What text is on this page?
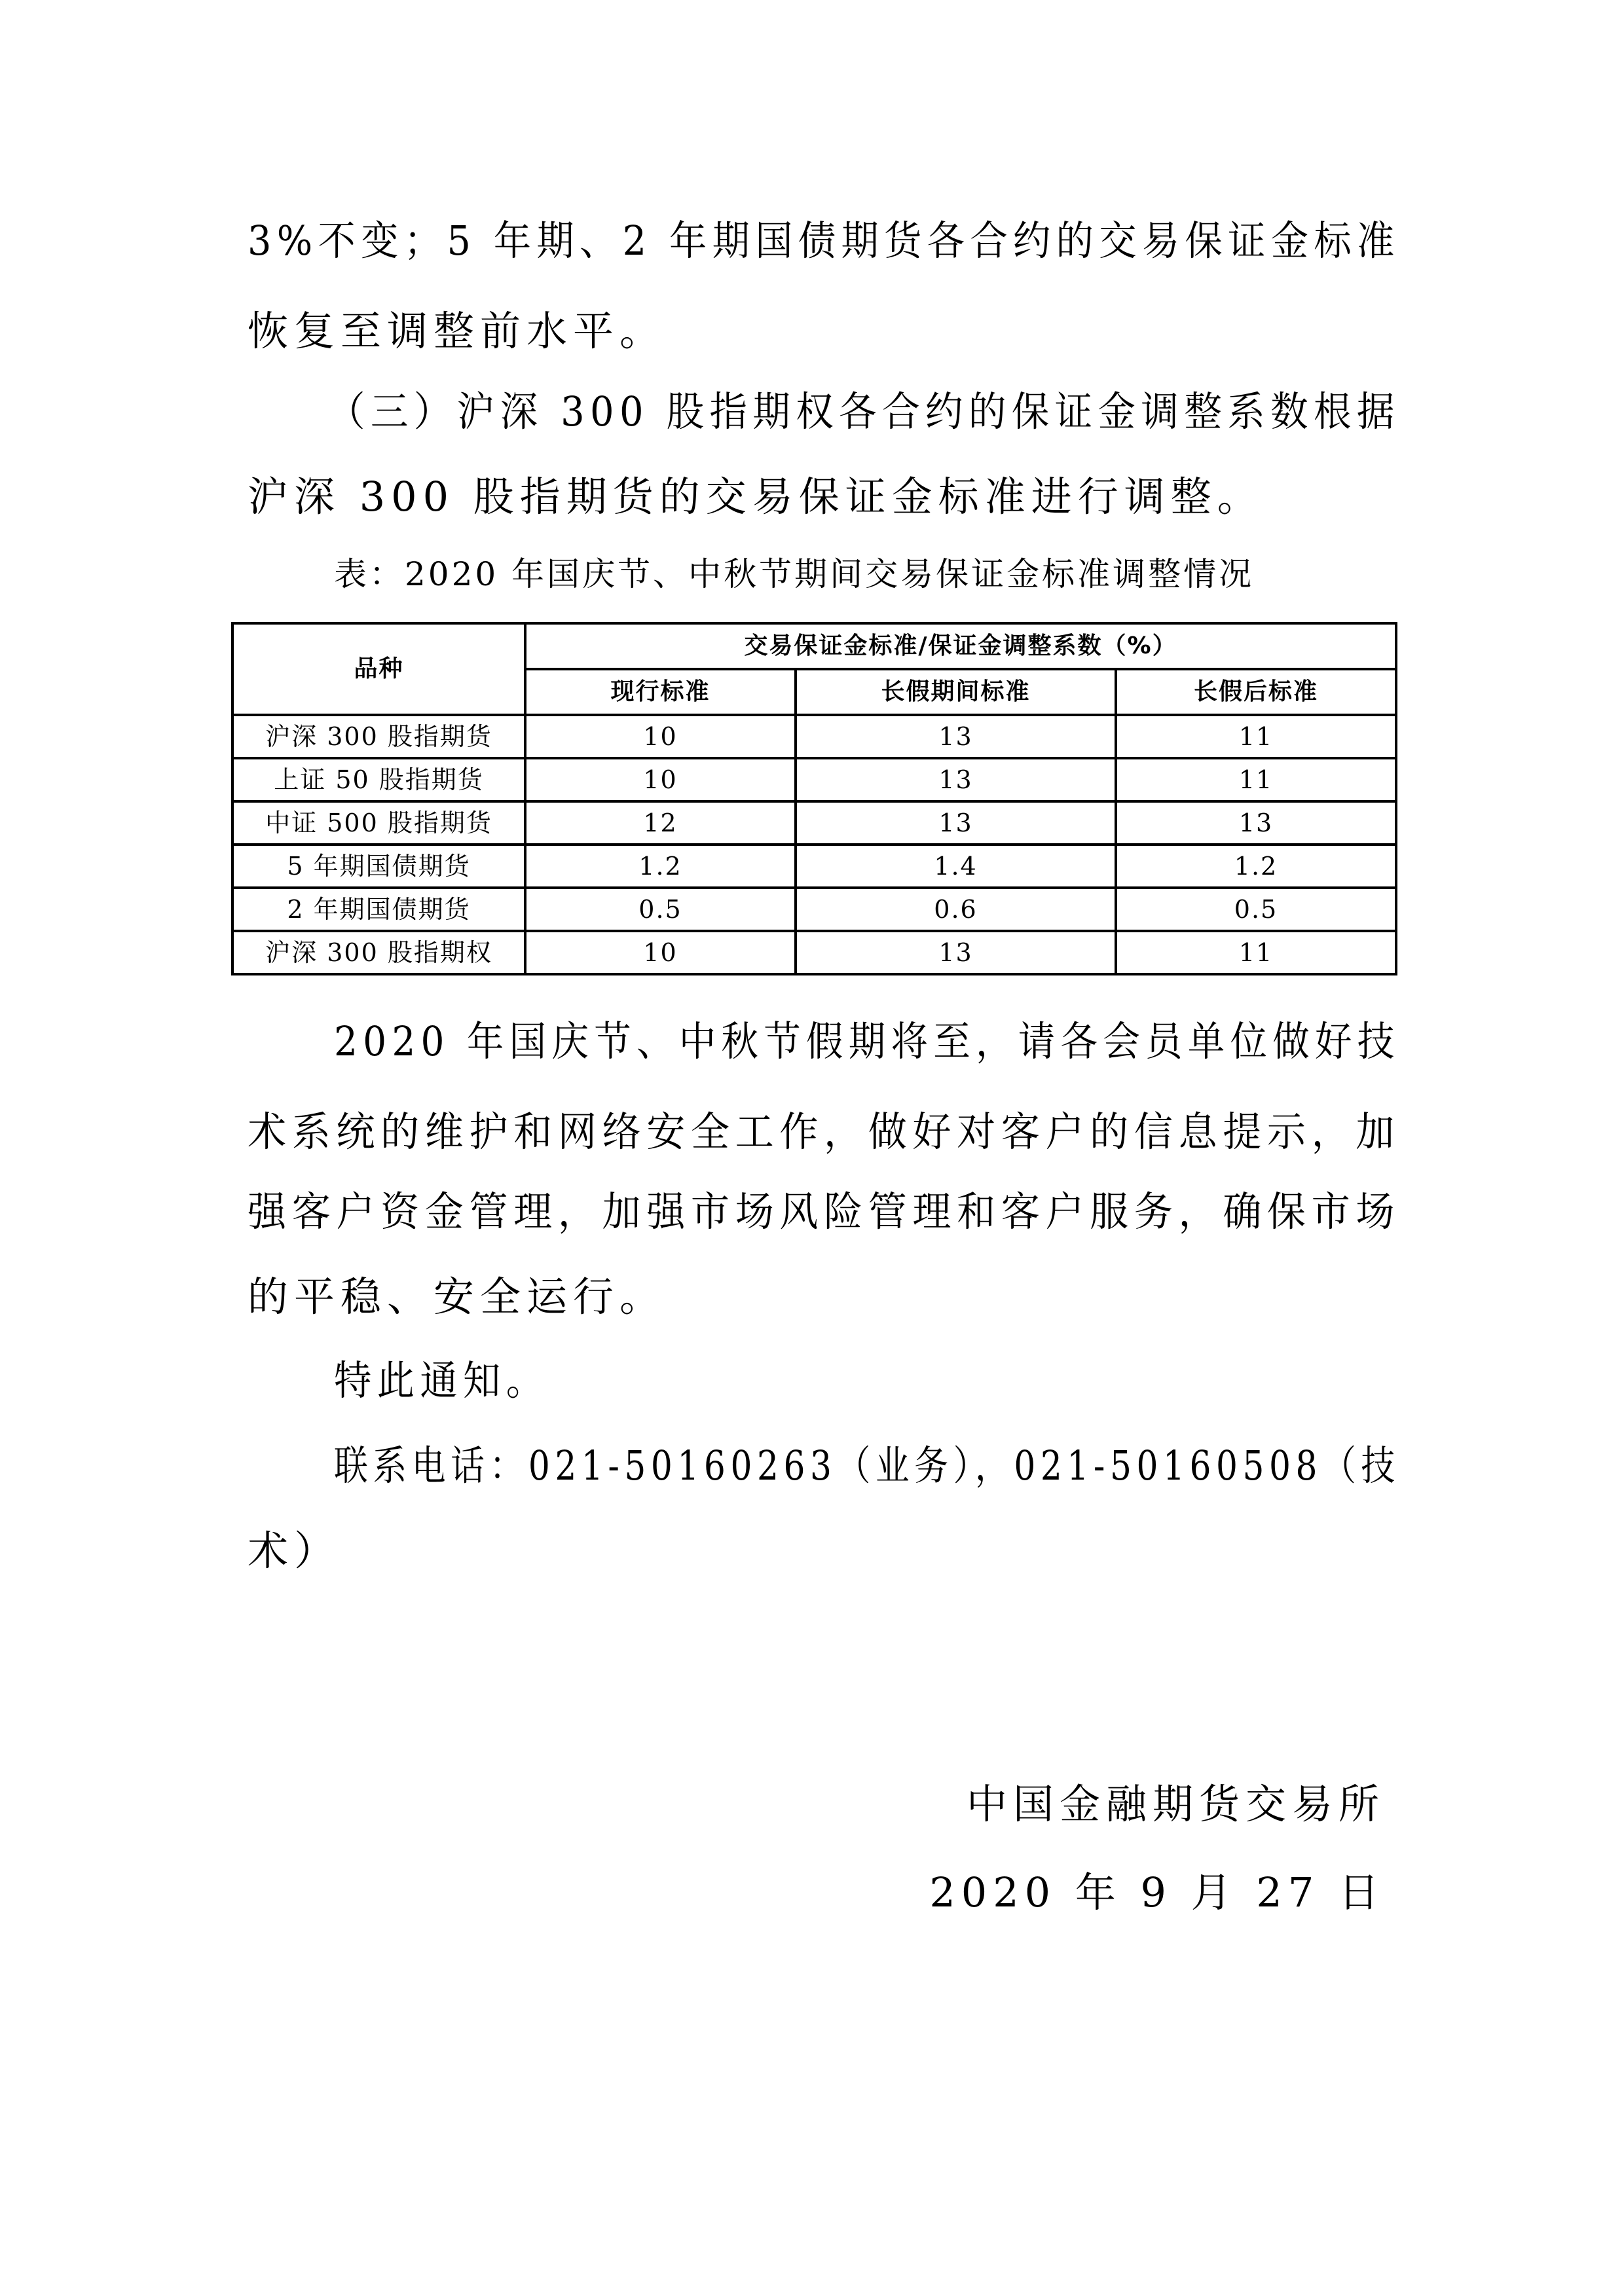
3%不变；5 年期、2 年期国债期货各合约的交易保证金标准
恢复至调整前水平。
（三）沪深 300 股指期权各合约的保证金调整系数根据
沪深 300 股指期货的交易保证金标准进行调整。
表：2020 年国庆节、中秋节期间交易保证金标准调整情况
品种	交易保证金标准/保证金调整系数（%）		
	现行标准	长假期间标准	长假后标准
沪深 300 股指期货	10	13	11
上证 50 股指期货	10	13	11
中证 500 股指期货	12	13	13
5 年期国债期货	1.2	1.4	1.2
2 年期国债期货	0.5	0.6	0.5
沪深 300 股指期权	10	13	11
2020 年国庆节、中秋节假期将至，请各会员单位做好技
术系统的维护和网络安全工作，做好对客户的信息提示，加
强客户资金管理，加强市场风险管理和客户服务，确保市场
的平稳、安全运行。
特此通知。
联系电话：021-50160263（业务），021-50160508（技
术）
中国金融期货交易所
2020 年 9 月 27 日
